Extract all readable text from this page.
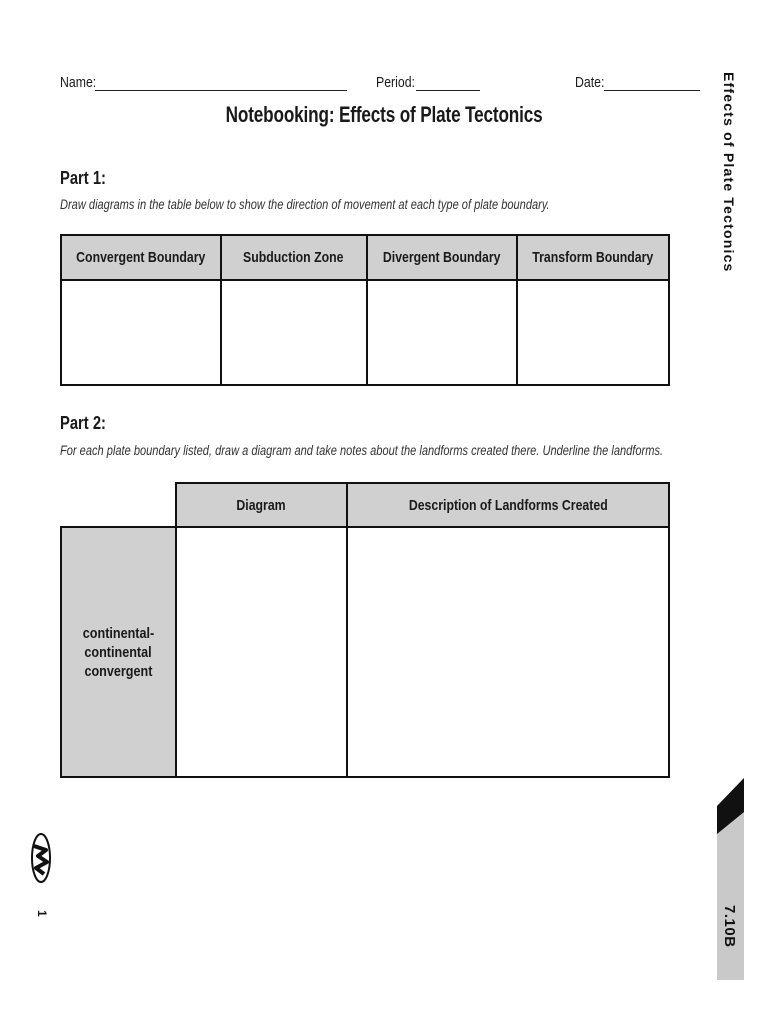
Name:	Period:	Date:
Notebooking: Effects of Plate Tectonics
Part 1:
Draw diagrams in the table below to show the direction of movement at each type of plate boundary.
Convergent Boundary	Subduction Zone	Divergent Boundary	Transform Boundary

Part 2:
For each plate boundary listed, draw a diagram and take notes about the landforms created there. Underline the landforms.
	Diagram	Description of Landforms Created
continental-
continental
convergent		
Effects of Plate Tectonics
7.10B
1
